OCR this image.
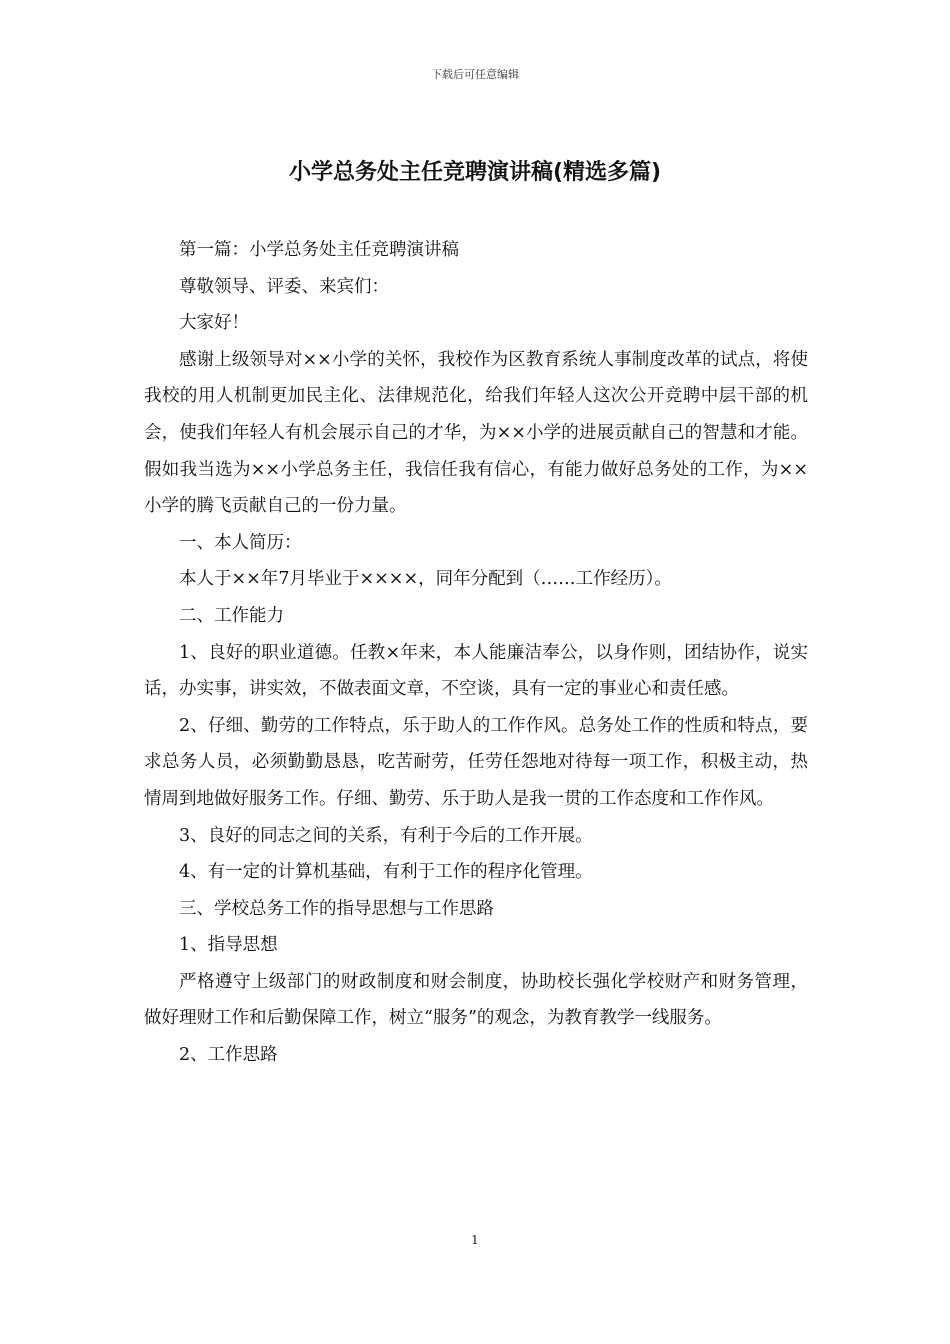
下载后可任意编辑
小学总务处主任竞聘演讲稿(精选多篇)

第一篇：小学总务处主任竞聘演讲稿

尊敬领导、评委、来宾们：

大家好！

感谢上级领导对××小学的关怀，我校作为区教育系统人事制度改革的试点，将使我校的用人机制更加民主化、法律规范化，给我们年轻人这次公开竞聘中层干部的机会，使我们年轻人有机会展示自己的才华，为××小学的进展贡献自己的智慧和才能。假如我当选为××小学总务主任，我信任我有信心，有能力做好总务处的工作，为××小学的腾飞贡献自己的一份力量。

一、本人简历：

本人于××年7月毕业于××××，同年分配到（……工作经历）。

二、工作能力

1、良好的职业道德。任教×年来，本人能廉洁奉公，以身作则，团结协作，说实话，办实事，讲实效，不做表面文章，不空谈，具有一定的事业心和责任感。

2、仔细、勤劳的工作特点，乐于助人的工作作风。总务处工作的性质和特点，要求总务人员，必须勤勤恳恳，吃苦耐劳，任劳任怨地对待每一项工作，积极主动，热情周到地做好服务工作。仔细、勤劳、乐于助人是我一贯的工作态度和工作作风。

3、良好的同志之间的关系，有利于今后的工作开展。

4、有一定的计算机基础，有利于工作的程序化管理。

三、学校总务工作的指导思想与工作思路

1、指导思想

严格遵守上级部门的财政制度和财会制度，协助校长强化学校财产和财务管理，做好理财工作和后勤保障工作，树立“服务”的观念，为教育教学一线服务。

2、工作思路

1
